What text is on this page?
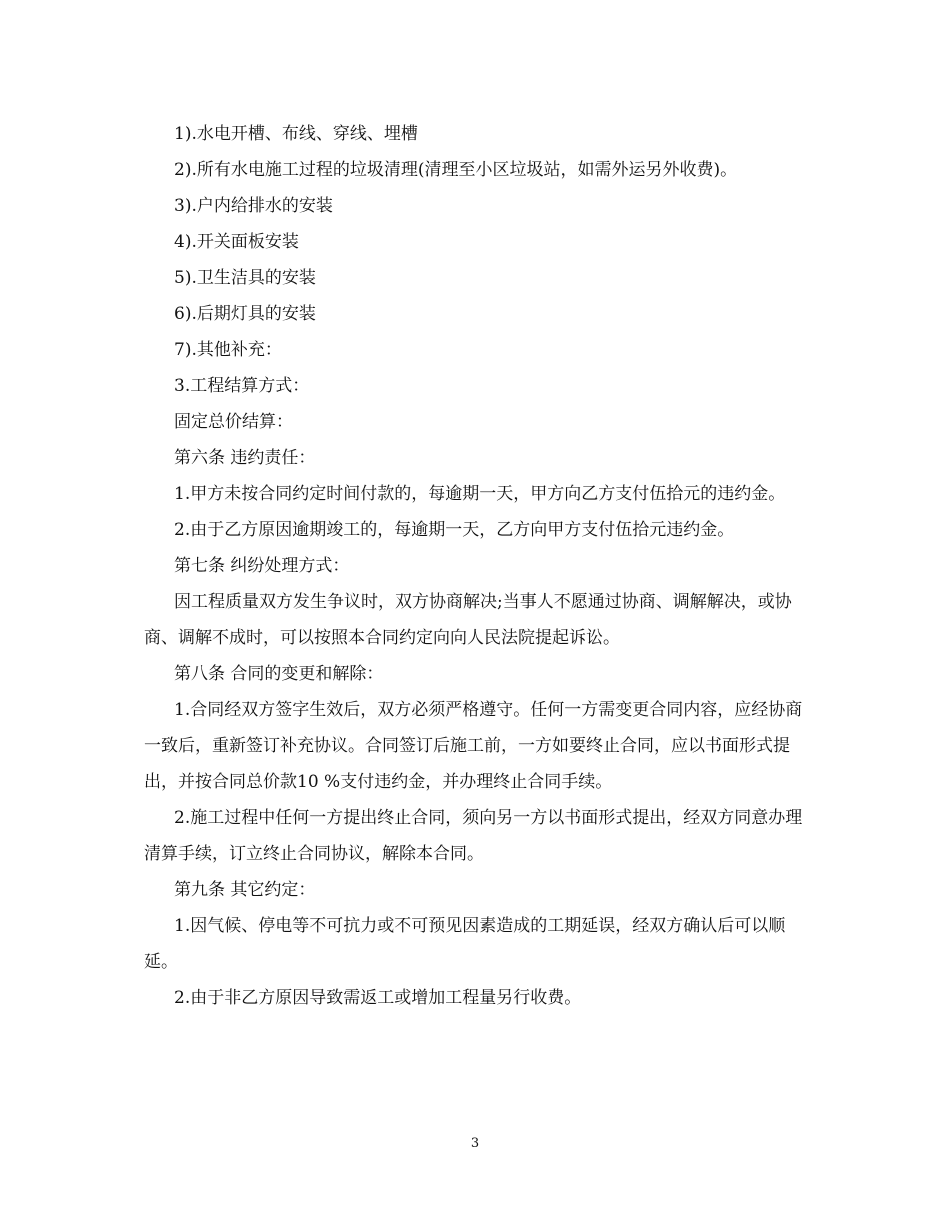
1).水电开槽、布线、穿线、埋槽

2).所有水电施工过程的垃圾清理(清理至小区垃圾站，如需外运另外收费)。

3).户内给排水的安装

4).开关面板安装

5).卫生洁具的安装

6).后期灯具的安装

7).其他补充：

3.工程结算方式：

固定总价结算：

第六条 违约责任：

1.甲方未按合同约定时间付款的，每逾期一天，甲方向乙方支付伍拾元的违约金。

2.由于乙方原因逾期竣工的，每逾期一天，乙方向甲方支付伍拾元违约金。

第七条 纠纷处理方式：

因工程质量双方发生争议时，双方协商解决;当事人不愿通过协商、调解解决，或协商、调解不成时，可以按照本合同约定向向人民法院提起诉讼。

第八条 合同的变更和解除：

1.合同经双方签字生效后，双方必须严格遵守。任何一方需变更合同内容，应经协商一致后，重新签订补充协议。合同签订后施工前，一方如要终止合同，应以书面形式提出，并按合同总价款10 %支付违约金，并办理终止合同手续。

2.施工过程中任何一方提出终止合同，须向另一方以书面形式提出，经双方同意办理清算手续，订立终止合同协议，解除本合同。

第九条 其它约定：

1.因气候、停电等不可抗力或不可预见因素造成的工期延误，经双方确认后可以顺延。

2.由于非乙方原因导致需返工或增加工程量另行收费。

3
